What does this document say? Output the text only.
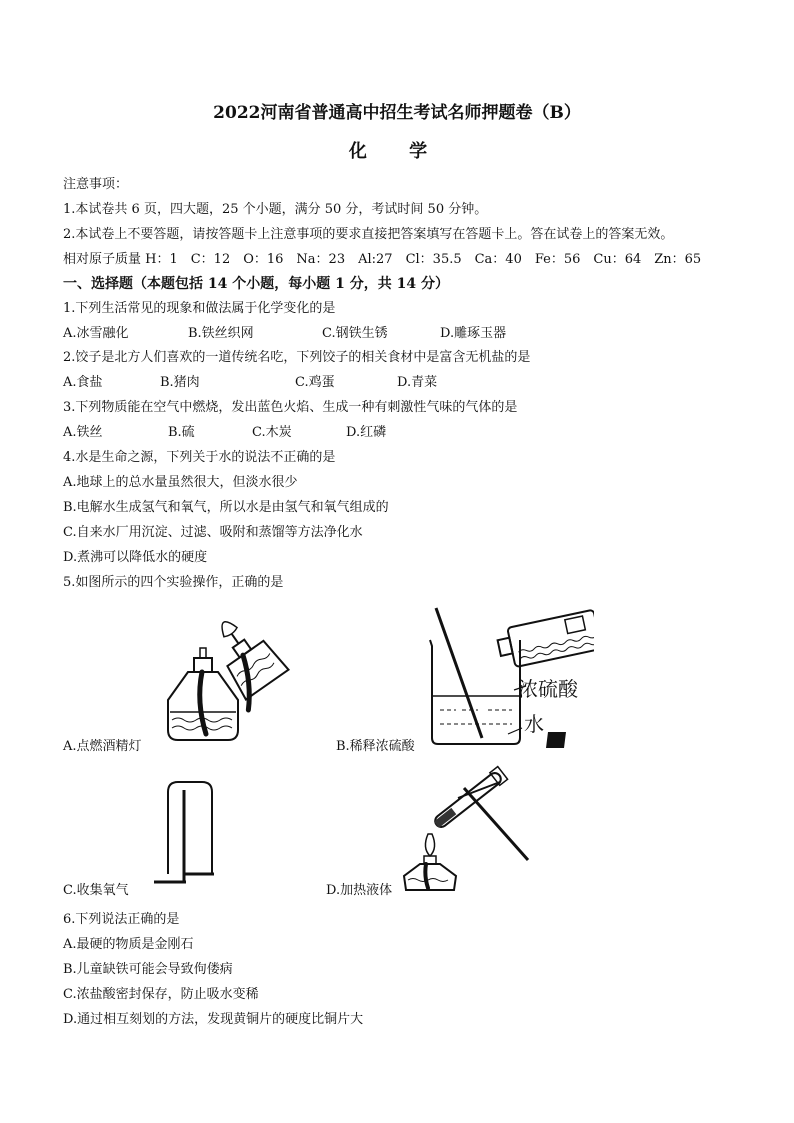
2022河南省普通高中招生考试名师押题卷（B）
化 学
注意事项：
1.本试卷共 6 页，四大题，25 个小题，满分 50 分，考试时间 50 分钟。
2.本试卷上不要答题，请按答题卡上注意事项的要求直接把答案填写在答题卡上。答在试卷上的答案无效。
相对原子质量 H：1　C：12　O：16　Na：23　Al:27　Cl：35.5　Ca：40　Fe：56　Cu：64　Zn：65
一、选择题（本题包括 14 个小题，每小题 1 分，共 14 分）
1.下列生活常见的现象和做法属于化学变化的是
A.冰雪融化	B.铁丝织网	C.钢铁生锈	D.雕琢玉器
2.饺子是北方人们喜欢的一道传统名吃，下列饺子的相关食材中是富含无机盐的是
A.食盐	B.猪肉	C.鸡蛋	D.青菜
3.下列物质能在空气中燃烧，发出蓝色火焰、生成一种有刺激性气味的气体的是
A.铁丝	B.硫	C.木炭	D.红磷
4.水是生命之源，下列关于水的说法不正确的是
A.地球上的总水量虽然很大，但淡水很少
B.电解水生成氢气和氧气，所以水是由氢气和氧气组成的
C.自来水厂用沉淀、过滤、吸附和蒸馏等方法净化水
D.煮沸可以降低水的硬度
5.如图所示的四个实验操作，正确的是
A.点燃酒精灯
浓硫酸
水
B.稀释浓硫酸
C.收集氧气	D.加热液体
6.下列说法正确的是
A.最硬的物质是金刚石
B.儿童缺铁可能会导致佝偻病
C.浓盐酸密封保存，防止吸水变稀
D.通过相互刻划的方法，发现黄铜片的硬度比铜片大
